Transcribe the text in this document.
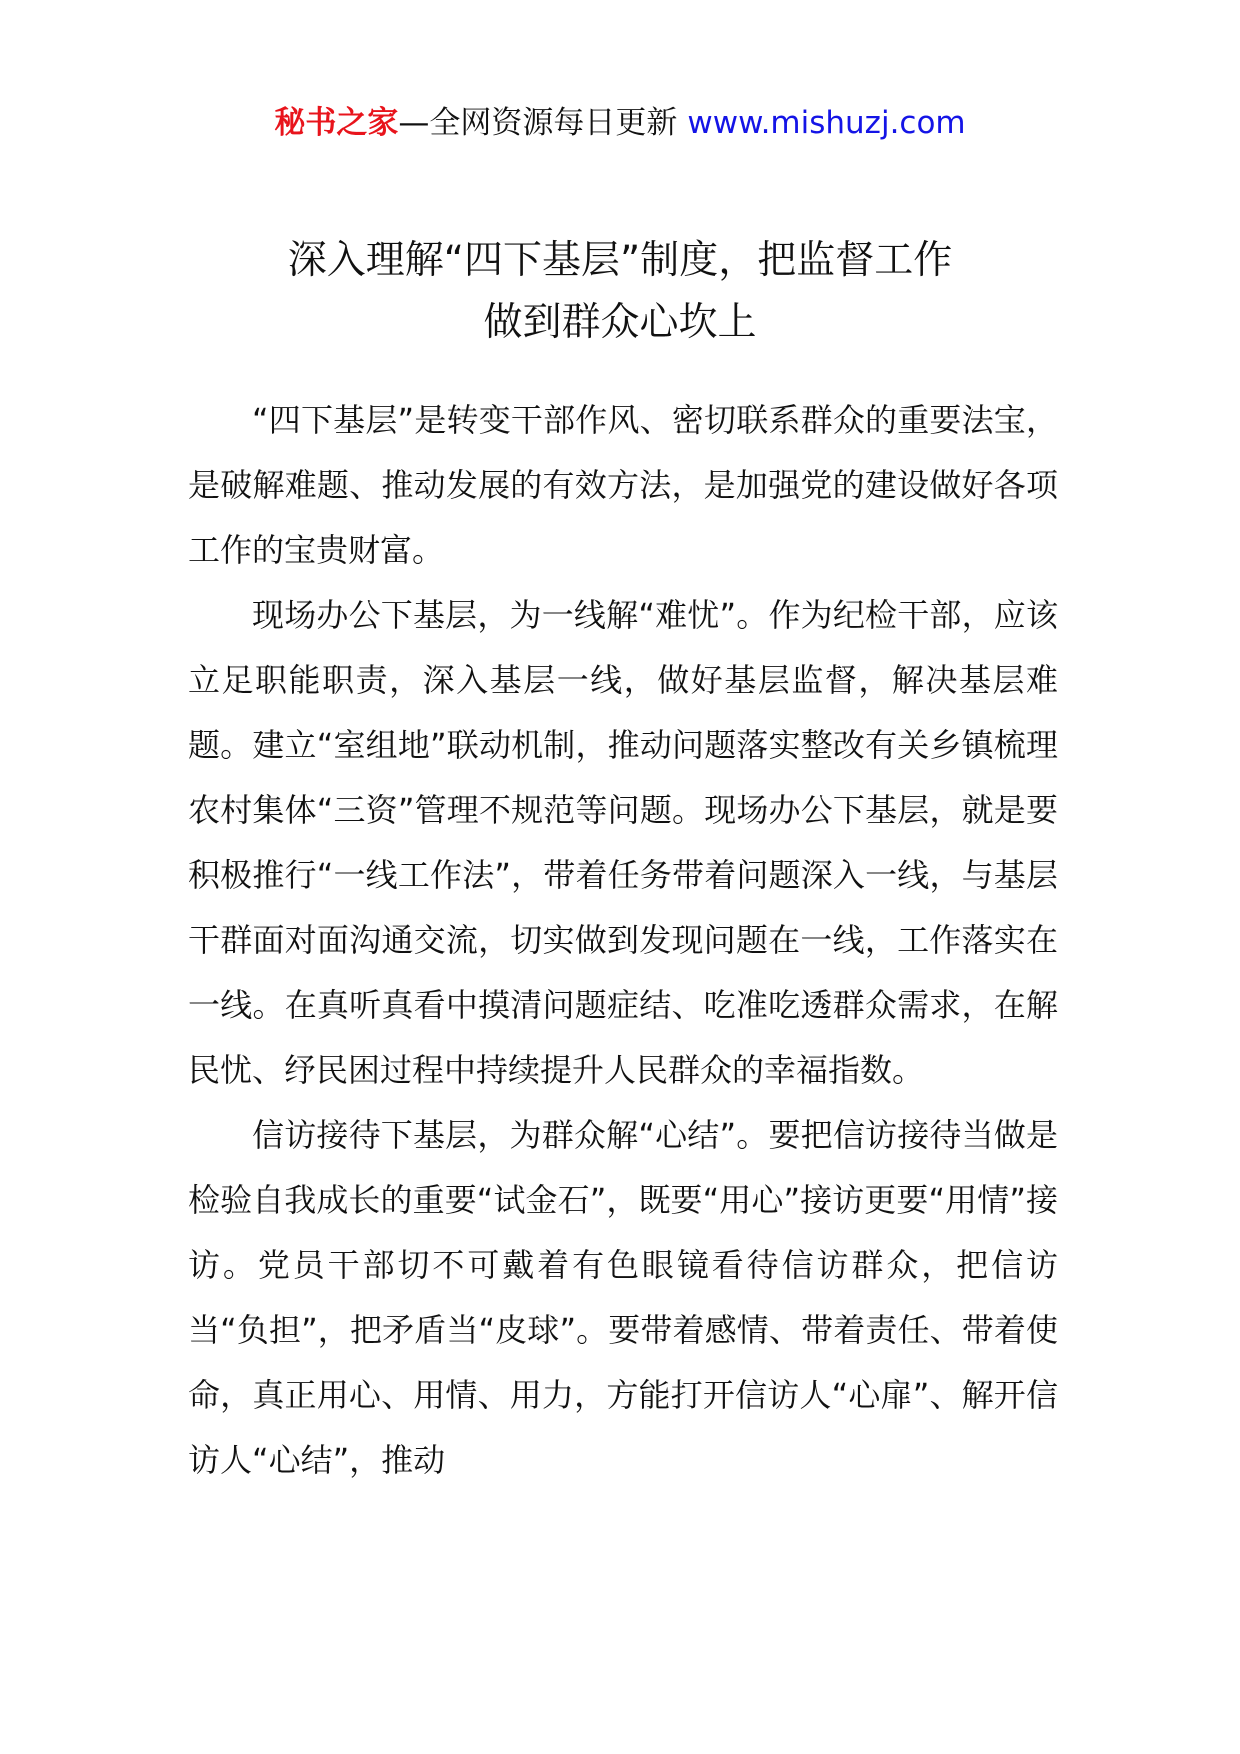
秘书之家—全网资源每日更新 www.mishuzj.com
深入理解“四下基层”制度，把监督工作
做到群众心坎上

“四下基层”是转变干部作风、密切联系群众的重要法宝，是破解难题、推动发展的有效方法，是加强党的建设做好各项工作的宝贵财富。

现场办公下基层，为一线解“难忧”。作为纪检干部，应该立足职能职责，深入基层一线，做好基层监督，解决基层难题。建立“室组地”联动机制，推动问题落实整改有关乡镇梳理农村集体“三资”管理不规范等问题。现场办公下基层，就是要积极推行“一线工作法”，带着任务带着问题深入一线，与基层干群面对面沟通交流，切实做到发现问题在一线，工作落实在一线。在真听真看中摸清问题症结、吃准吃透群众需求，在解民忧、纾民困过程中持续提升人民群众的幸福指数。

信访接待下基层，为群众解“心结”。要把信访接待当做是检验自我成长的重要“试金石”，既要“用心”接访更要“用情”接访。党员干部切不可戴着有色眼镜看待信访群众，把信访当“负担”，把矛盾当“皮球”。要带着感情、带着责任、带着使命，真正用心、用情、用力，方能打开信访人“心扉”、解开信访人“心结”，推动
